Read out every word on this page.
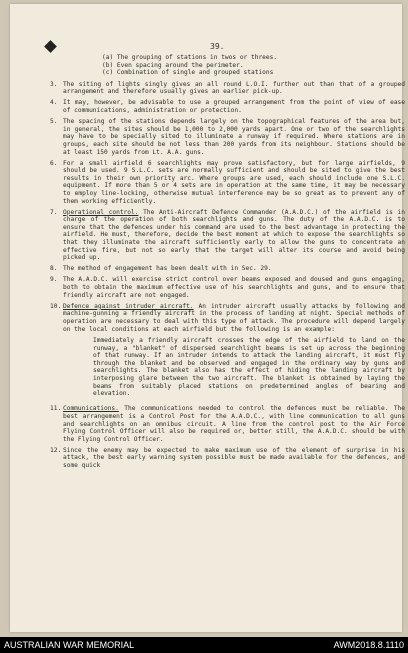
39.
(a) The grouping of stations in twos or threes.
(b) Even spacing around the perimeter.
(c) Combination of single and grouped stations
3. The siting of lights singly gives an all round L.O.I. further out than that of a grouped arrangement and therefore usually gives an earlier pick-up.
4. It may, however, be advisable to use a grouped arrangement from the point of view of ease of communications, administration or protection.
5. The spacing of the stations depends largely on the topographical features of the area but, in general, the sites should be 1,000 to 2,000 yards apart. One or two of the searchlights may have to be specially sited to illuminate a runway if required. Where stations are in groups, each site should be not less than 200 yards from its neighbour. Stations should be at least 150 yards from Lt. A.A. guns.
6. For a small airfield 6 searchlights may prove satisfactory, but for large airfields, 9 should be used. 9 S.L.C. sets are normally sufficient and should be sited to give the best results in their own priority arc. Where groups are used, each should include one S.L.C. equipment. If more than 5 or 4 sets are in operation at the same time, it may be necessary to employ line-locking, otherwise mutual interference may be so great as to prevent any of them working efficiently.
7. Operational control. The Anti-Aircraft Defence Commander (A.A.D.C.) of the airfield is in charge of the operation of both searchlights and guns. The duty of the A.A.D.C. is to ensure that the defences under his command are used to the best advantage in protecting the airfield. He must, therefore, decide the best moment at which to expose the searchlights so that they illuminate the aircraft sufficiently early to allow the guns to concentrate an effective fire, but not so early that the target will alter its course and avoid being picked up.
8. The method of engagement has been dealt with in Sec. 29.
9. The A.A.D.C. will exercise strict control over beams exposed and doused and guns engaging, both to obtain the maximum effective use of his searchlights and guns, and to ensure that friendly aircraft are not engaged.
10. Defence against intruder aircraft. An intruder aircraft usually attacks by following and machine-gunning a friendly aircraft in the process of landing at night. Special methods of operation are necessary to deal with this type of attack. The procedure will depend largely on the local conditions at each airfield but the following is an example:
Immediately a friendly aircraft crosses the edge of the airfield to land on the runway, a "blanket" of dispersed searchlight beams is set up across the beginning of that runway. If an intruder intends to attack the landing aircraft, it must fly through the blanket and be observed and engaged in the ordinary way by guns and searchlights. The blanket also has the effect of hiding the landing aircraft by interposing glare between the two aircraft. The blanket is obtained by laying the beams from suitably placed stations on predetermined angles of bearing and elevation.
11. Communications. The communications needed to control the defences must be reliable. The best arrangement is a Control Post for the A.A.D.C., with line communication to all guns and searchlights on an omnibus circuit. A line from the control post to the Air Force Flying Control Officer will also be required or, better still, the A.A.D.C. should be with the Flying Control Officer.
12. Since the enemy may be expected to make maximum use of the element of surprise in his attack, the best early warning system possible must be made available for the defences, and some quick
AUSTRALIAN WAR MEMORIAL	AWM2018.8.1110
